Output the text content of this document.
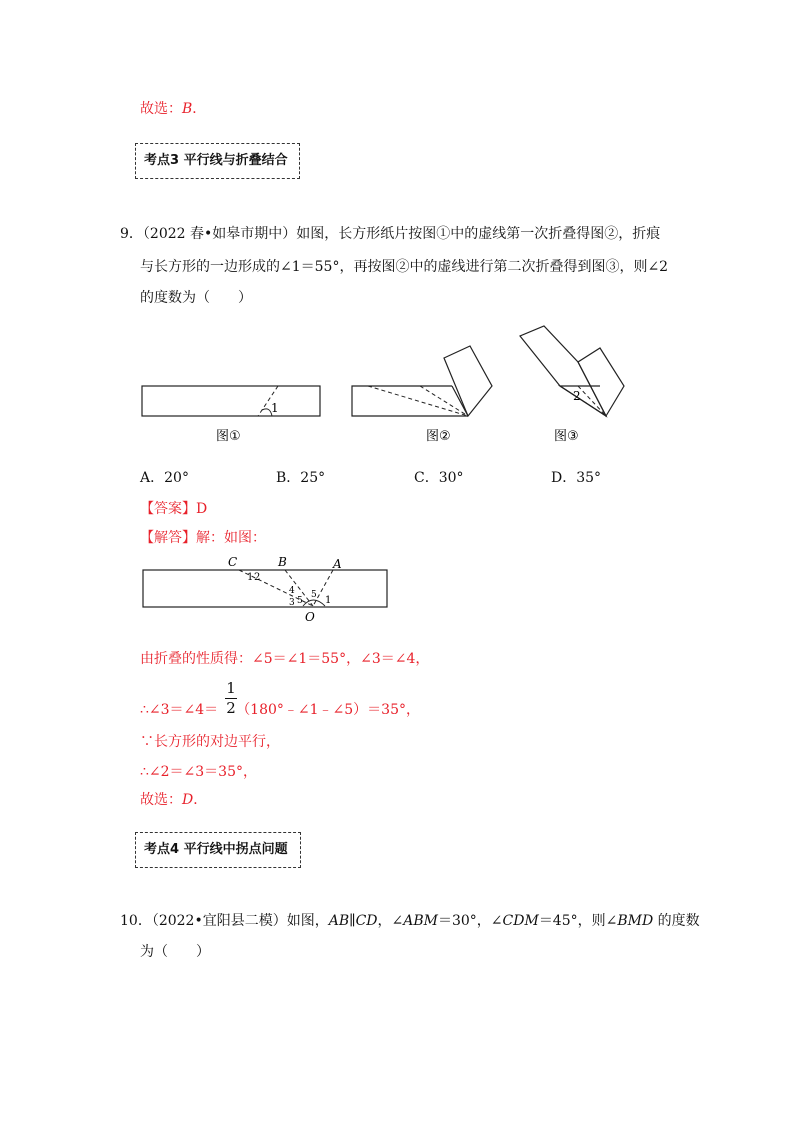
故选：B．
考点3 平行线与折叠结合
9．（2022 春•如皋市期中）如图，长方形纸片按图①中的虚线第一次折叠得图②，折痕
与长方形的一边形成的∠1＝55°，再按图②中的虚线进行第二次折叠得到图③，则∠2
的度数为（　　）
1
图①	图②
2
图③
A．20°	B．25°	C．30°	D．35°
【答案】D
【解答】解：如图：
C	B	A
O
1 2
4
3 5
5 1
由折叠的性质得：∠5＝∠1＝55°，∠3＝∠4，
∴∠3＝∠4＝ （180°﹣∠1﹣∠5）＝35°，
1
2
∵长方形的对边平行，
∴∠2＝∠3＝35°，
故选：D．
考点4 平行线中拐点问题
10．（2022•宜阳县二模）如图，AB∥CD，∠ABM＝30°，∠CDM＝45°，则∠BMD 的度数
为（　　）
